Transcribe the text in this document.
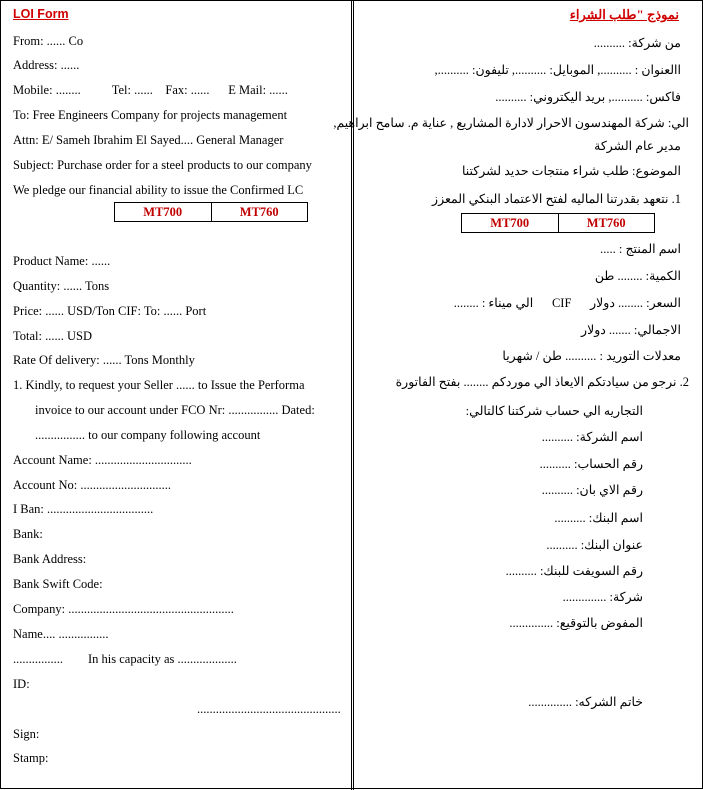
LOI Form
From: ...... Co
Address: ......
Mobile: ........          Tel: ......    Fax: ......      E Mail: ......
To: Free Engineers Company for projects management
Attn: E/ Sameh Ibrahim El Sayed.... General Manager
Subject: Purchase order for a steel products to our company
We pledge our financial ability to issue the Confirmed LC
MT700	MT760
Product Name: ......
Quantity: ...... Tons
Price: ...... USD/Ton CIF: To: ...... Port
Total: ...... USD
Rate Of delivery: ...... Tons Monthly
1. Kindly, to request your Seller ...... to Issue the Performa
invoice to our account under FCO Nr: ................ Dated:
................ to our company following account
Account Name: ...............................
Account No: .............................
I Ban: ..................................
Bank:
Bank Address:
Bank Swift Code:
Company: .....................................................
Name.... ................
................        In his capacity as ...................
ID:
..............................................
Sign:
Stamp:
نموذج "طلب الشراء
من شركة: ..........
االعنوان : .........., الموبايل: .........., تليفون: ..........,
فاكس: .........., بريد اليكتروني: ..........
الي: شركة المهندسون الاحرار لادارة المشاريع , عناية م. سامح ابراهيم,
مدير عام الشركة
الموضوع: طلب شراء منتجات حديد لشركتنا
1. نتعهد بقدرتنا الماليه لفتح الاعتماد البنكي المعزز
MT700	MT760
اسم المنتج : .....
الكمية: ........ طن
السعر: ........ دولار      CIF      الي ميناء : ........
الاجمالي: ....... دولار
معدلات التوريد : .......... طن / شهريا
2. نرجو من سيادتكم الايعاذ الي موردكم ........ بفتح الفاتورة
التجاريه الي حساب شركتنا كالتالي:
اسم الشركة: ..........
رقم الحساب: ..........
رقم الاي بان: ..........
اسم البنك: ..........
عنوان البنك: ..........
رقم السويفت للبنك: ..........
شركة: ..............
المفوض بالتوقيع: ..............
خاتم الشركه: ..............
